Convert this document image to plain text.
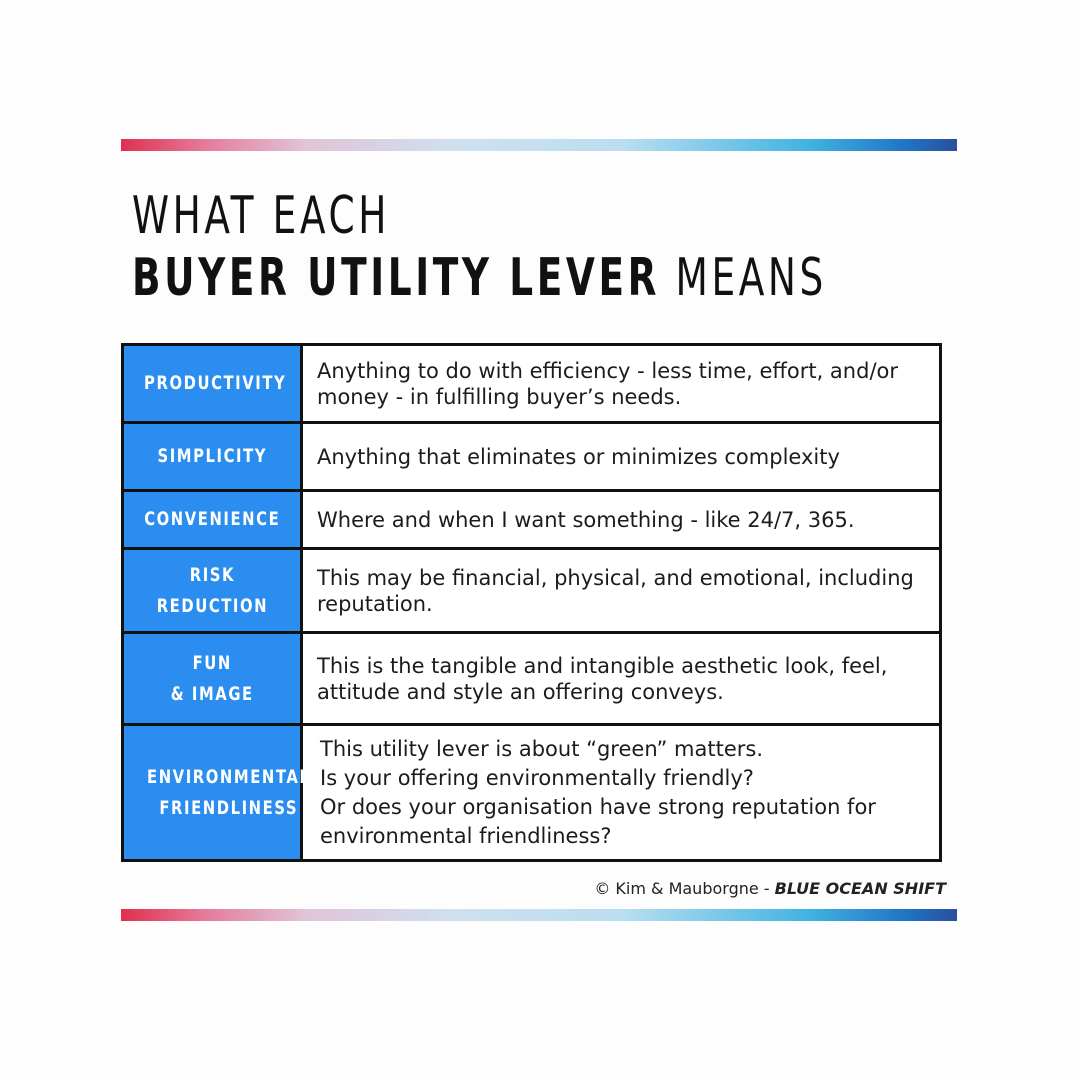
WHAT EACH
BUYER UTILITY LEVER MEANS
PRODUCTIVITY	Anything to do with efficiency - less time, effort, and/or
money - in fulfilling buyer’s needs.
SIMPLICITY	Anything that eliminates or minimizes complexity
CONVENIENCE	Where and when I want something - like 24/7, 365.
RISK
REDUCTION	This may be financial, physical, and emotional, including
reputation.
FUN
& IMAGE	This is the tangible and intangible aesthetic look, feel,
attitude and style an offering conveys.
ENVIRONMENTAL
FRIENDLINESS	This utility lever is about “green” matters.
Is your offering environmentally friendly?
Or does your organisation have strong reputation for
environmental friendliness?
© Kim & Mauborgne - BLUE OCEAN SHIFT
